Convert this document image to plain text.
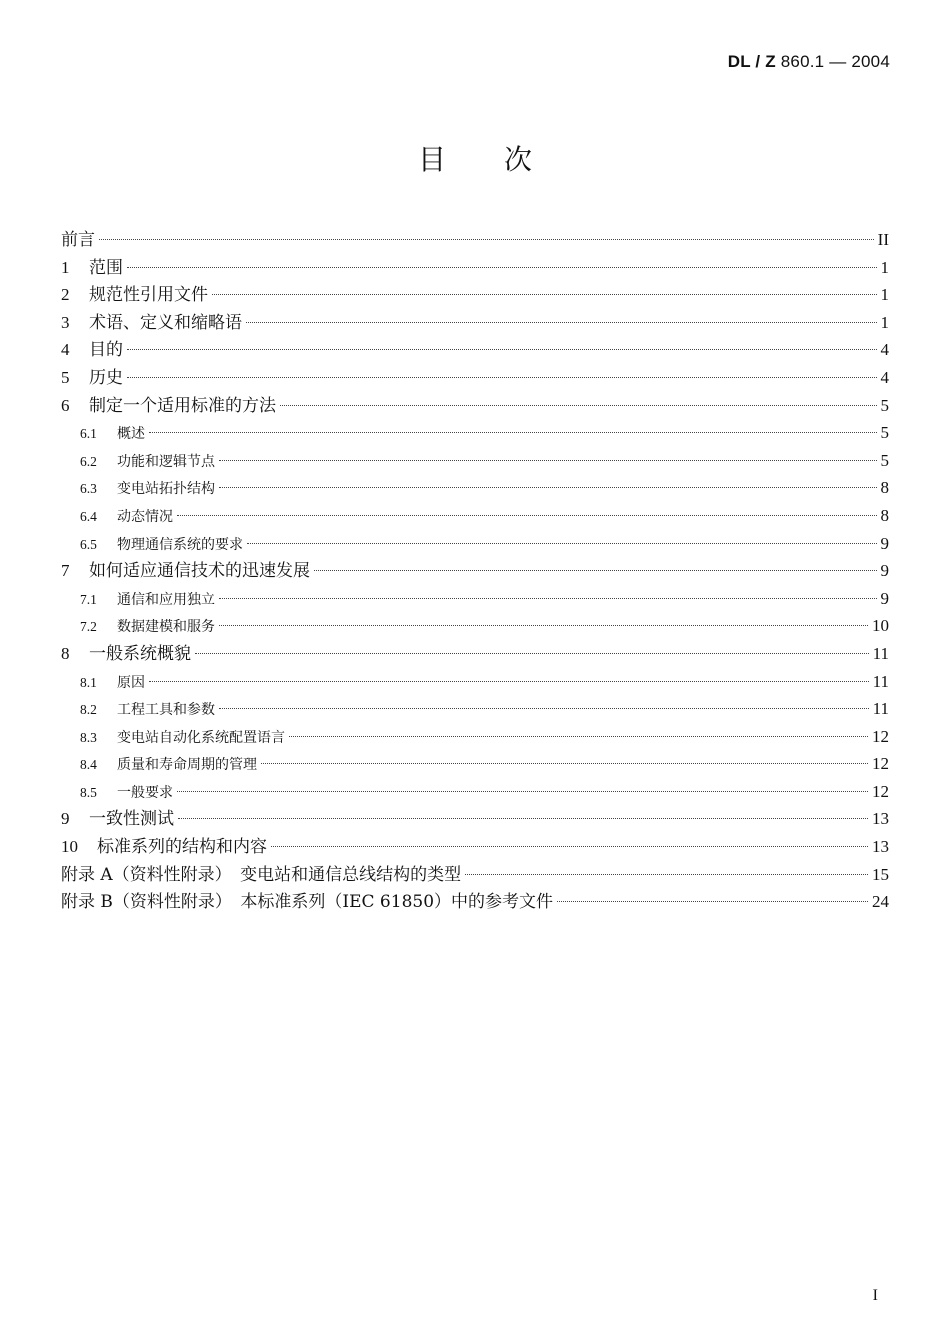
DL / Z 860.1 — 2004
目次
前言	II
1	范围	1
2	规范性引用文件	1
3	术语、定义和缩略语	1
4	目的	4
5	历史	4
6	制定一个适用标准的方法	5
6.1	概述	5
6.2	功能和逻辑节点	5
6.3	变电站拓扑结构	8
6.4	动态情况	8
6.5	物理通信系统的要求	9
7	如何适应通信技术的迅速发展	9
7.1	通信和应用独立	9
7.2	数据建模和服务	10
8	一般系统概貌	11
8.1	原因	11
8.2	工程工具和参数	11
8.3	变电站自动化系统配置语言	12
8.4	质量和寿命周期的管理	12
8.5	一般要求	12
9	一致性测试	13
10	标准系列的结构和内容	13
附录 A（资料性附录）　变电站和通信总线结构的类型	15
附录 B（资料性附录）　本标准系列（IEC 61850）中的参考文件	24
I
